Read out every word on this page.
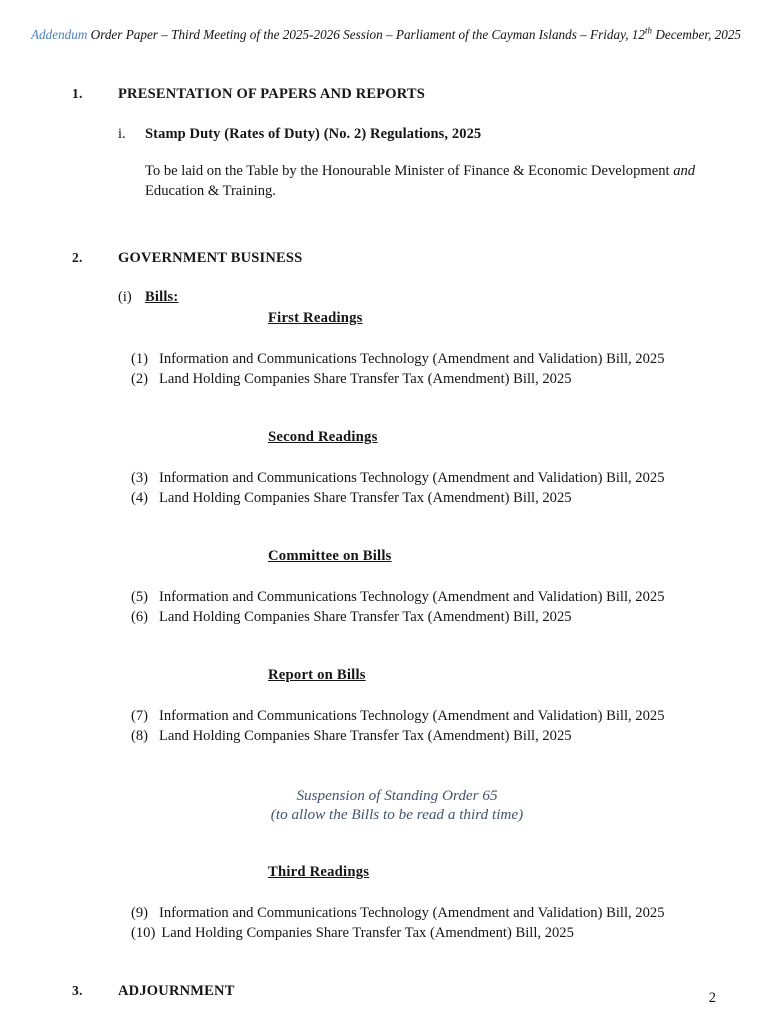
Addendum Order Paper – Third Meeting of the 2025-2026 Session – Parliament of the Cayman Islands – Friday, 12th December, 2025
1.	PRESENTATION OF PAPERS AND REPORTS
i.	Stamp Duty (Rates of Duty) (No. 2) Regulations, 2025
To be laid on the Table by the Honourable Minister of Finance & Economic Development and Education & Training.
2.	GOVERNMENT BUSINESS
(i) Bills:
First Readings
(1) Information and Communications Technology (Amendment and Validation) Bill, 2025
(2) Land Holding Companies Share Transfer Tax (Amendment) Bill, 2025
Second Readings
(3) Information and Communications Technology (Amendment and Validation) Bill, 2025
(4) Land Holding Companies Share Transfer Tax (Amendment) Bill, 2025
Committee on Bills
(5) Information and Communications Technology (Amendment and Validation) Bill, 2025
(6) Land Holding Companies Share Transfer Tax (Amendment) Bill, 2025
Report on Bills
(7) Information and Communications Technology (Amendment and Validation) Bill, 2025
(8) Land Holding Companies Share Transfer Tax (Amendment) Bill, 2025
Suspension of Standing Order 65
(to allow the Bills to be read a third time)
Third Readings
(9) Information and Communications Technology (Amendment and Validation) Bill, 2025
(10) Land Holding Companies Share Transfer Tax (Amendment) Bill, 2025
3.	ADJOURNMENT	2
